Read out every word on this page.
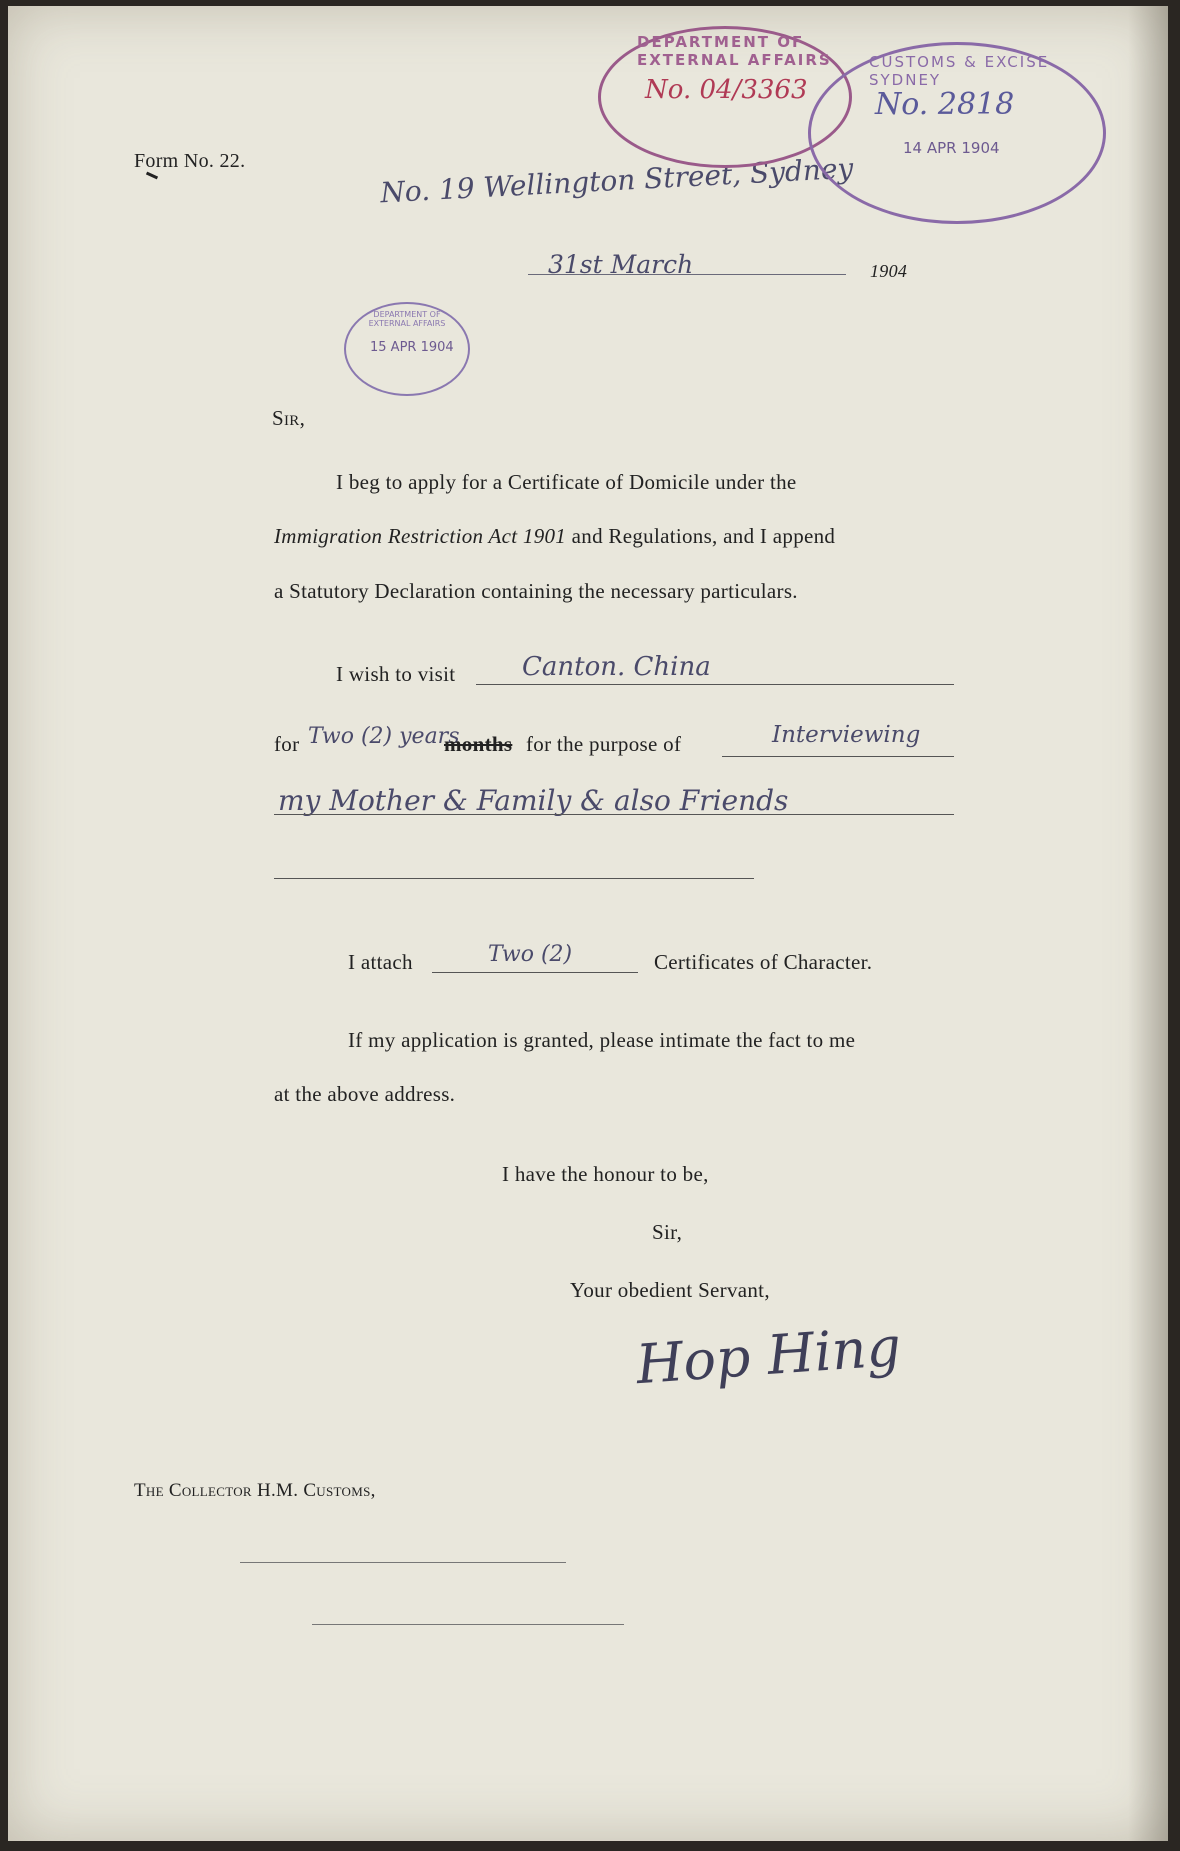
Form No. 22.	No. 19 Wellington Street, Sydney
31st March	1904
DEPARTMENT OF EXTERNAL AFFAIRS
No. 04/3363
CUSTOMS & EXCISE SYDNEY
No. 2818
14 APR 1904
DEPARTMENT OF EXTERNAL AFFAIRS
15 APR 1904
Sir,
I beg to apply for a Certificate of Domicile under the
Immigration Restriction Act 1901 and Regulations, and I append
a Statutory Declaration containing the necessary particulars.
I wish to visit	Canton. China
for Two (2) years
months for the purpose of	Interviewing
my Mother & Family & also Friends
I attach	Two (2)	Certificates of Character.
If my application is granted, please intimate the fact to me
at the above address.
I have the honour to be,
Sir,
Your obedient Servant,
Hop Hing
The Collector H.M. Customs,
